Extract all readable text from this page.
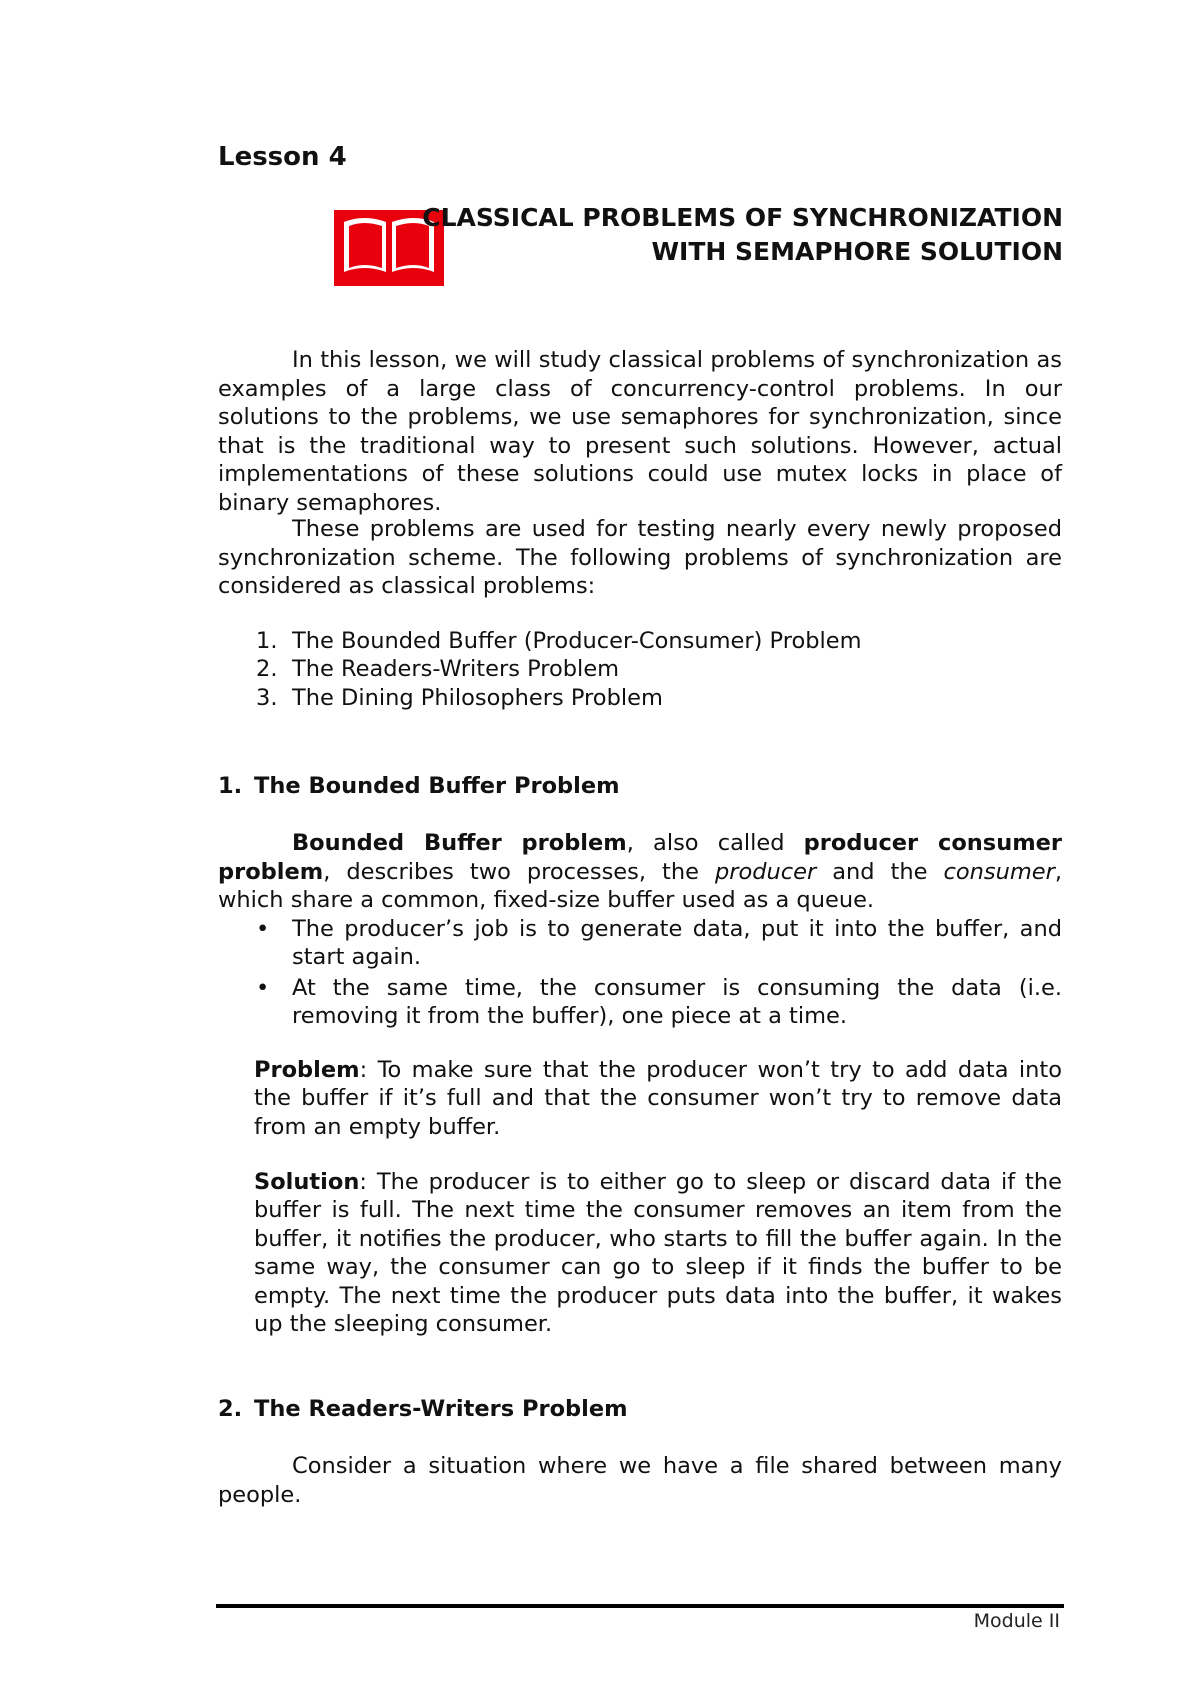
Lesson 4
CLASSICAL PROBLEMS OF SYNCHRONIZATION
WITH SEMAPHORE SOLUTION
In this lesson, we will study classical problems of synchronization as examples of a large class of concurrency-control problems. In our solutions to the problems, we use semaphores for synchronization, since that is the traditional way to present such solutions. However, actual implementations of these solutions could use mutex locks in place of binary semaphores.
These problems are used for testing nearly every newly proposed synchronization scheme. The following problems of synchronization are considered as classical problems:
1. The Bounded Buffer (Producer-Consumer) Problem
2. The Readers-Writers Problem
3. The Dining Philosophers Problem
1. The Bounded Buffer Problem
Bounded Buffer problem, also called producer consumer problem, describes two processes, the producer and the consumer, which share a common, fixed-size buffer used as a queue.
• The producer’s job is to generate data, put it into the buffer, and start again.
• At the same time, the consumer is consuming the data (i.e. removing it from the buffer), one piece at a time.
Problem: To make sure that the producer won’t try to add data into the buffer if it’s full and that the consumer won’t try to remove data from an empty buffer.
Solution: The producer is to either go to sleep or discard data if the buffer is full. The next time the consumer removes an item from the buffer, it notifies the producer, who starts to fill the buffer again. In the same way, the consumer can go to sleep if it finds the buffer to be empty. The next time the producer puts data into the buffer, it wakes up the sleeping consumer.
2. The Readers-Writers Problem
Consider a situation where we have a file shared between many people.
Module II
